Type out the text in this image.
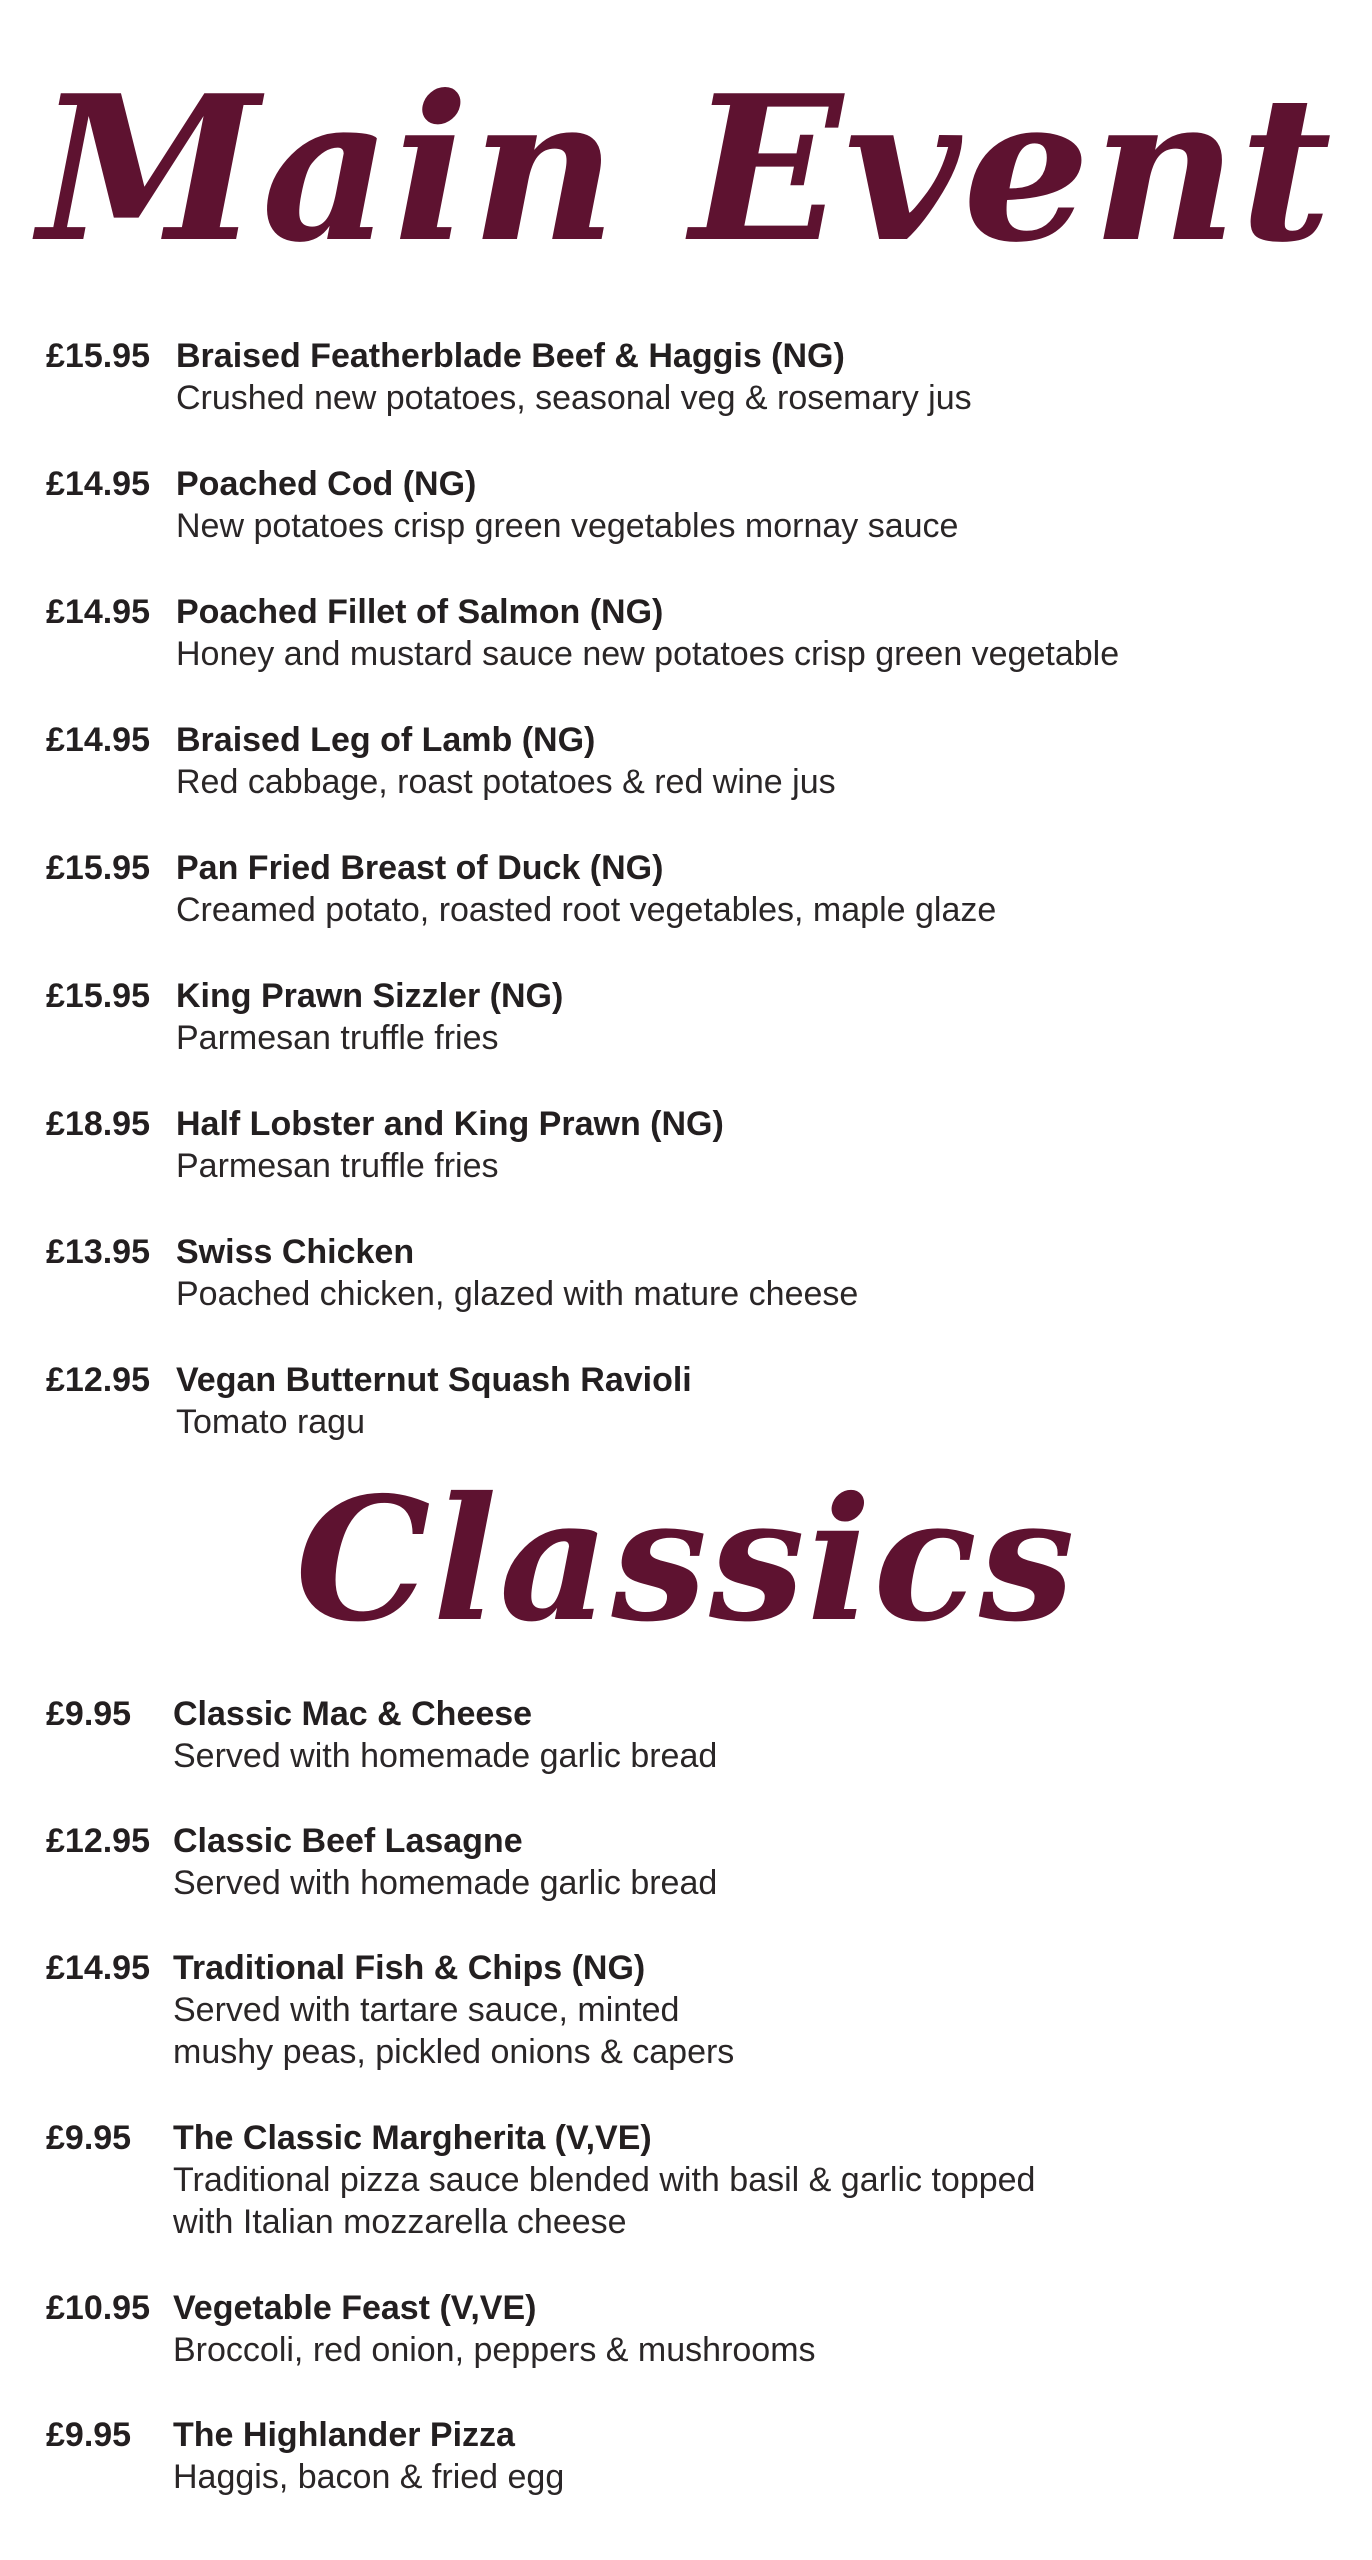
Main Event
£15.95 Braised Featherblade Beef & Haggis (NG)
Crushed new potatoes, seasonal veg & rosemary jus
£14.95 Poached Cod (NG)
New potatoes crisp green vegetables mornay sauce
£14.95 Poached Fillet of Salmon (NG)
Honey and mustard sauce new potatoes crisp green vegetable
£14.95 Braised Leg of Lamb (NG)
Red cabbage, roast potatoes & red wine jus
£15.95 Pan Fried Breast of Duck (NG)
Creamed potato, roasted root vegetables, maple glaze
£15.95 King Prawn Sizzler (NG)
Parmesan truffle fries
£18.95 Half Lobster and King Prawn (NG)
Parmesan truffle fries
£13.95 Swiss Chicken
Poached chicken, glazed with mature cheese
£12.95 Vegan Butternut Squash Ravioli
Tomato ragu
Classics
£9.95 Classic Mac & Cheese
Served with homemade garlic bread
£12.95 Classic Beef Lasagne
Served with homemade garlic bread
£14.95 Traditional Fish & Chips (NG)
Served with tartare sauce, minted
mushy peas, pickled onions & capers
£9.95 The Classic Margherita (V,VE)
Traditional pizza sauce blended with basil & garlic topped
with Italian mozzarella cheese
£10.95 Vegetable Feast (V,VE)
Broccoli, red onion, peppers & mushrooms
£9.95 The Highlander Pizza
Haggis, bacon & fried egg
